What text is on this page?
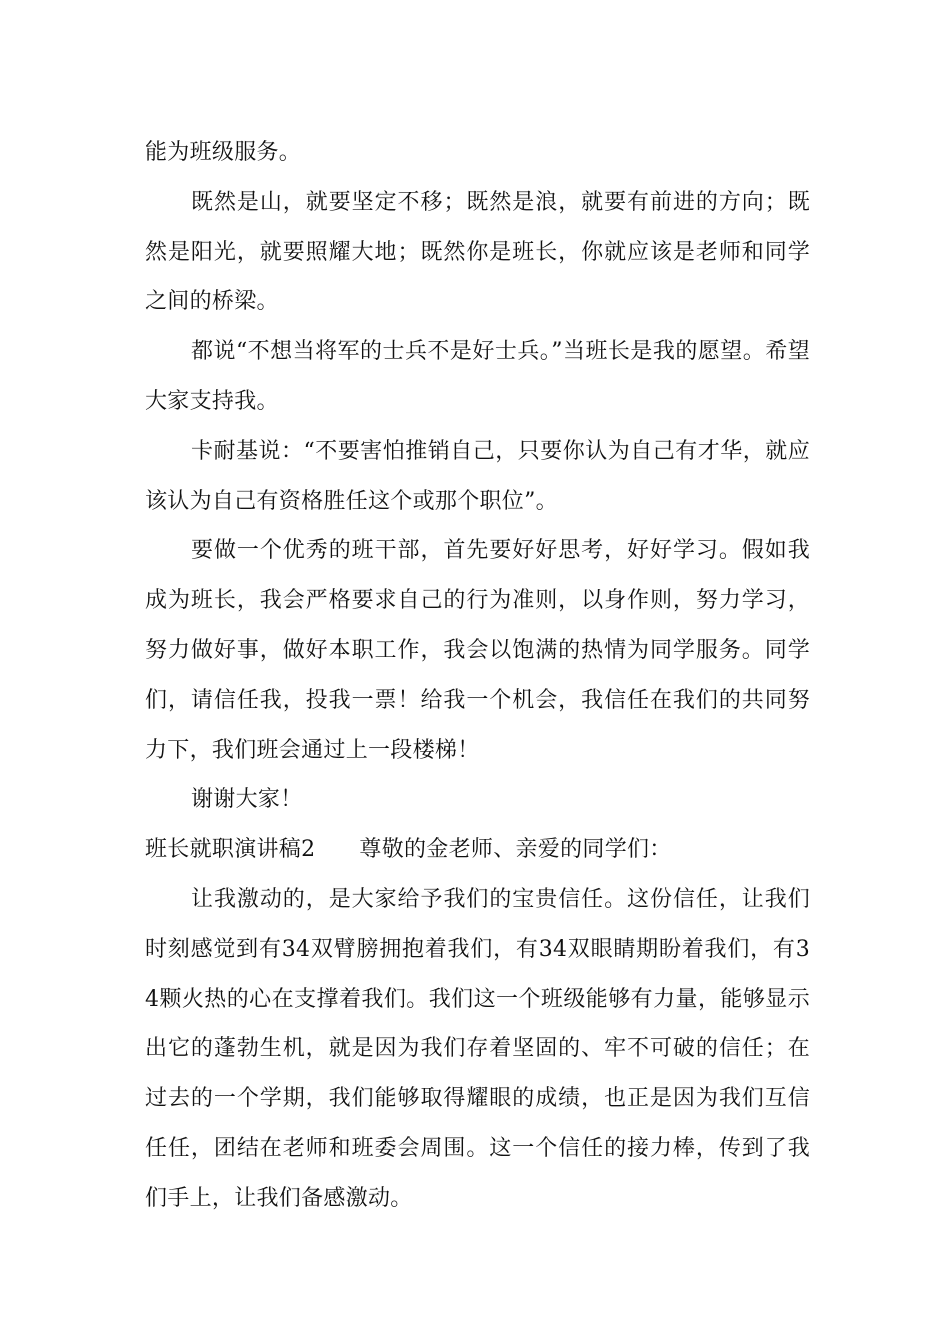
能为班级服务。

既然是山，就要坚定不移；既然是浪，就要有前进的方向；既然是阳光，就要照耀大地；既然你是班长，你就应该是老师和同学之间的桥梁。

都说“不想当将军的士兵不是好士兵。”当班长是我的愿望。希望大家支持我。

卡耐基说：“不要害怕推销自己，只要你认为自己有才华，就应该认为自己有资格胜任这个或那个职位”。

要做一个优秀的班干部，首先要好好思考，好好学习。假如我成为班长，我会严格要求自己的行为准则，以身作则，努力学习，努力做好事，做好本职工作，我会以饱满的热情为同学服务。同学们，请信任我，投我一票！给我一个机会，我信任在我们的共同努力下，我们班会通过上一段楼梯！

谢谢大家！

班长就职演讲稿2 尊敬的金老师、亲爱的同学们：

让我激动的，是大家给予我们的宝贵信任。这份信任，让我们时刻感觉到有34双臂膀拥抱着我们，有34双眼睛期盼着我们，有34颗火热的心在支撑着我们。我们这一个班级能够有力量，能够显示出它的蓬勃生机，就是因为我们存着坚固的、牢不可破的信任；在过去的一个学期，我们能够取得耀眼的成绩，也正是因为我们互信任任，团结在老师和班委会周围。这一个信任的接力棒，传到了我们手上，让我们备感激动。
